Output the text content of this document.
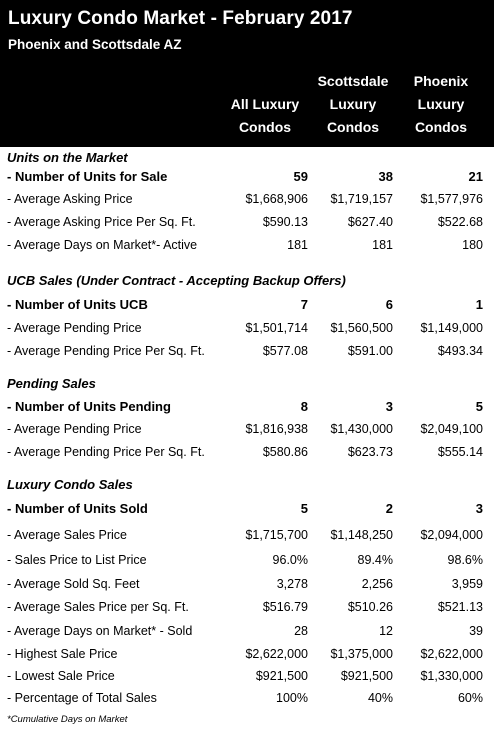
Luxury Condo Market - February 2017
Phoenix and Scottsdale AZ
All Luxury
Condos
Scottsdale
Luxury
Condos
Phoenix
Luxury
Condos
Units on the Market
- Number of Units for Sale	59	38	21
- Average Asking Price	$1,668,906 $1,719,157 $1,577,976
- Average Asking Price Per Sq. Ft.	$590.13	$627.40	$522.68
- Average Days on Market*- Active	181	181	180
UCB Sales (Under Contract - Accepting Backup Offers)
- Number of Units UCB	7	6	1
- Average Pending Price	$1,501,714 $1,560,500 $1,149,000
- Average Pending Price Per Sq. Ft.	$577.08	$591.00	$493.34
Pending Sales
- Number of Units Pending	8	3	5
- Average Pending Price	$1,816,938 $1,430,000 $2,049,100
- Average Pending Price Per Sq. Ft.	$580.86	$623.73	$555.14
Luxury Condo Sales
- Number of Units Sold	5	2	3
- Average Sales Price	$1,715,700 $1,148,250 $2,094,000
- Sales Price to List Price	96.0%	89.4%	98.6%
- Average Sold Sq. Feet	3,278	2,256	3,959
- Average Sales Price per Sq. Ft.	$516.79	$510.26	$521.13
- Average Days on Market* - Sold	28	12	39
- Highest Sale Price	$2,622,000 $1,375,000 $2,622,000
- Lowest Sale Price	$921,500	$921,500 $1,330,000
- Percentage of Total Sales	100%	40%	60%
*Cumulative Days on Market
